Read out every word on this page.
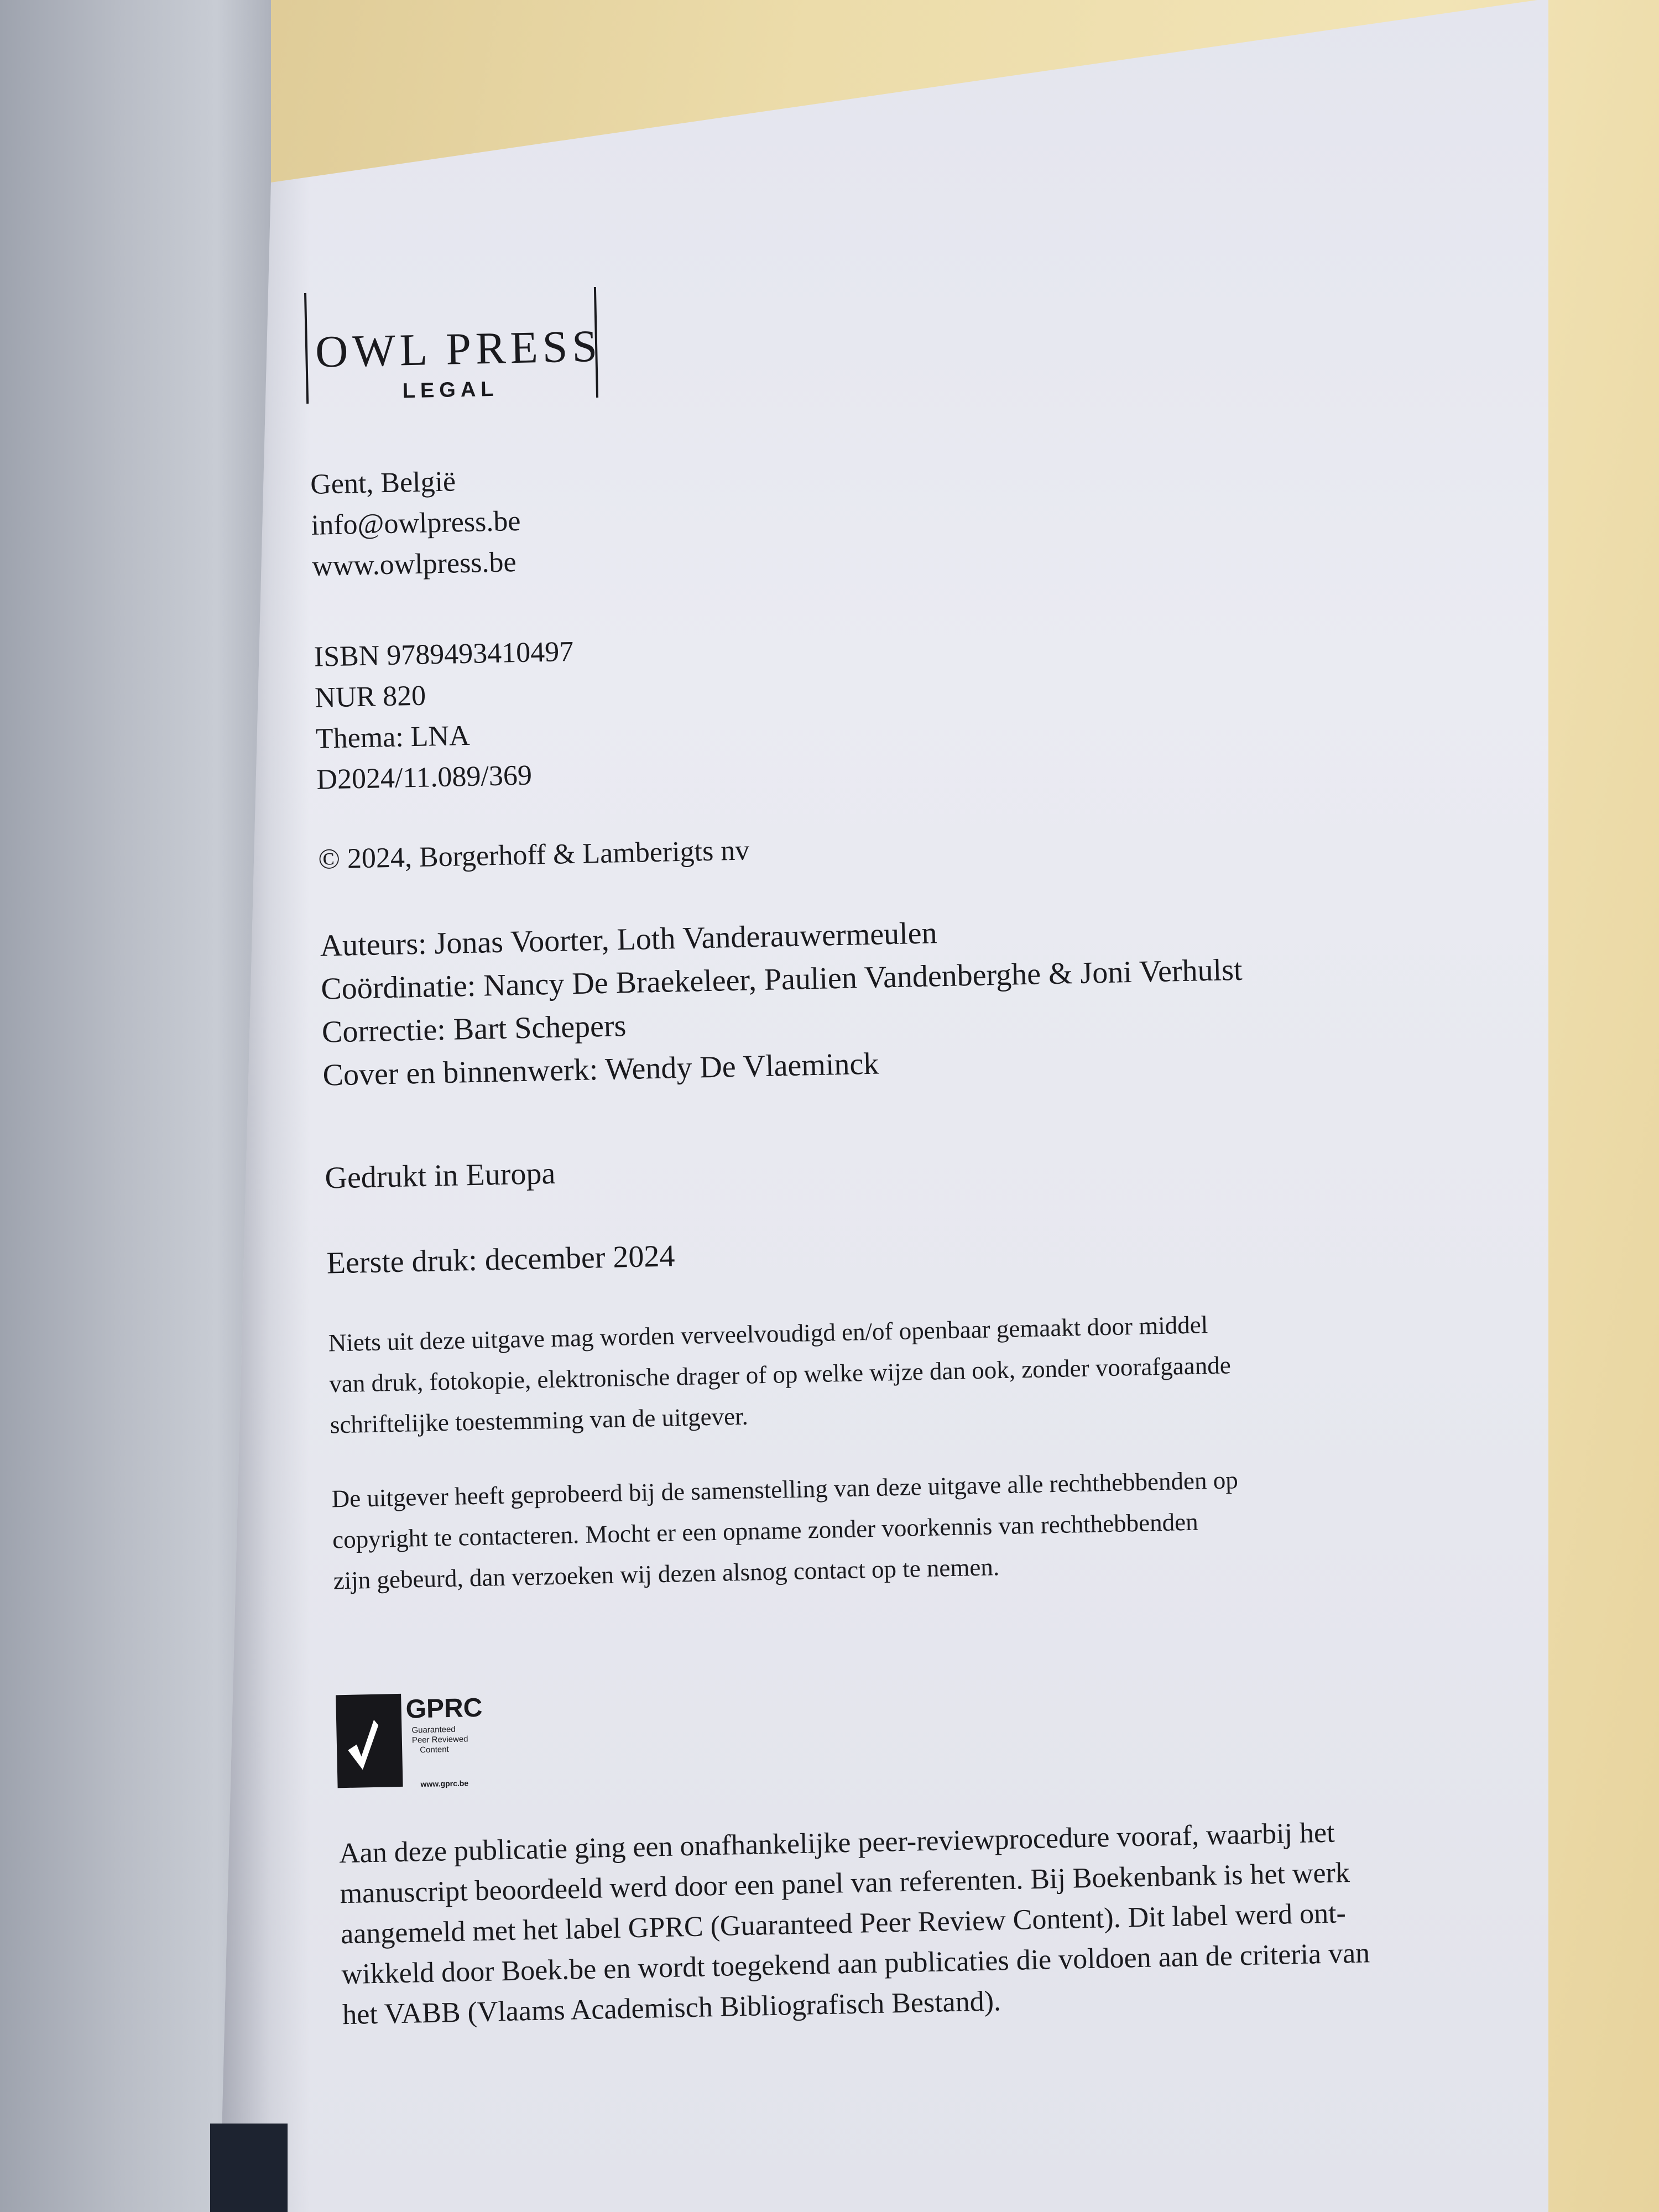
OWL PRESS
LEGAL
Gent, België
info@owlpress.be
www.owlpress.be
ISBN 9789493410497
NUR 820
Thema: LNA
D2024/11.089/369
© 2024, Borgerhoff & Lamberigts nv
Auteurs: Jonas Voorter, Loth Vanderauwermeulen
Coördinatie: Nancy De Braekeleer, Paulien Vandenberghe & Joni Verhulst
Correctie: Bart Schepers
Cover en binnenwerk: Wendy De Vlaeminck
Gedrukt in Europa
Eerste druk: december 2024
Niets uit deze uitgave mag worden verveelvoudigd en/of openbaar gemaakt door middel
van druk, fotokopie, elektronische drager of op welke wijze dan ook, zonder voorafgaande
schriftelijke toestemming van de uitgever.
De uitgever heeft geprobeerd bij de samenstelling van deze uitgave alle rechthebbenden op
copyright te contacteren. Mocht er een opname zonder voorkennis van rechthebbenden
zijn gebeurd, dan verzoeken wij dezen alsnog contact op te nemen.
GPRC
Guaranteed
Peer Reviewed
Content
www.gprc.be
Aan deze publicatie ging een onafhankelijke peer-reviewprocedure vooraf, waarbij het
manuscript beoordeeld werd door een panel van referenten. Bij Boekenbank is het werk
aangemeld met het label GPRC (Guaranteed Peer Review Content). Dit label werd ont-
wikkeld door Boek.be en wordt toegekend aan publicaties die voldoen aan de criteria van
het VABB (Vlaams Academisch Bibliografisch Bestand).
